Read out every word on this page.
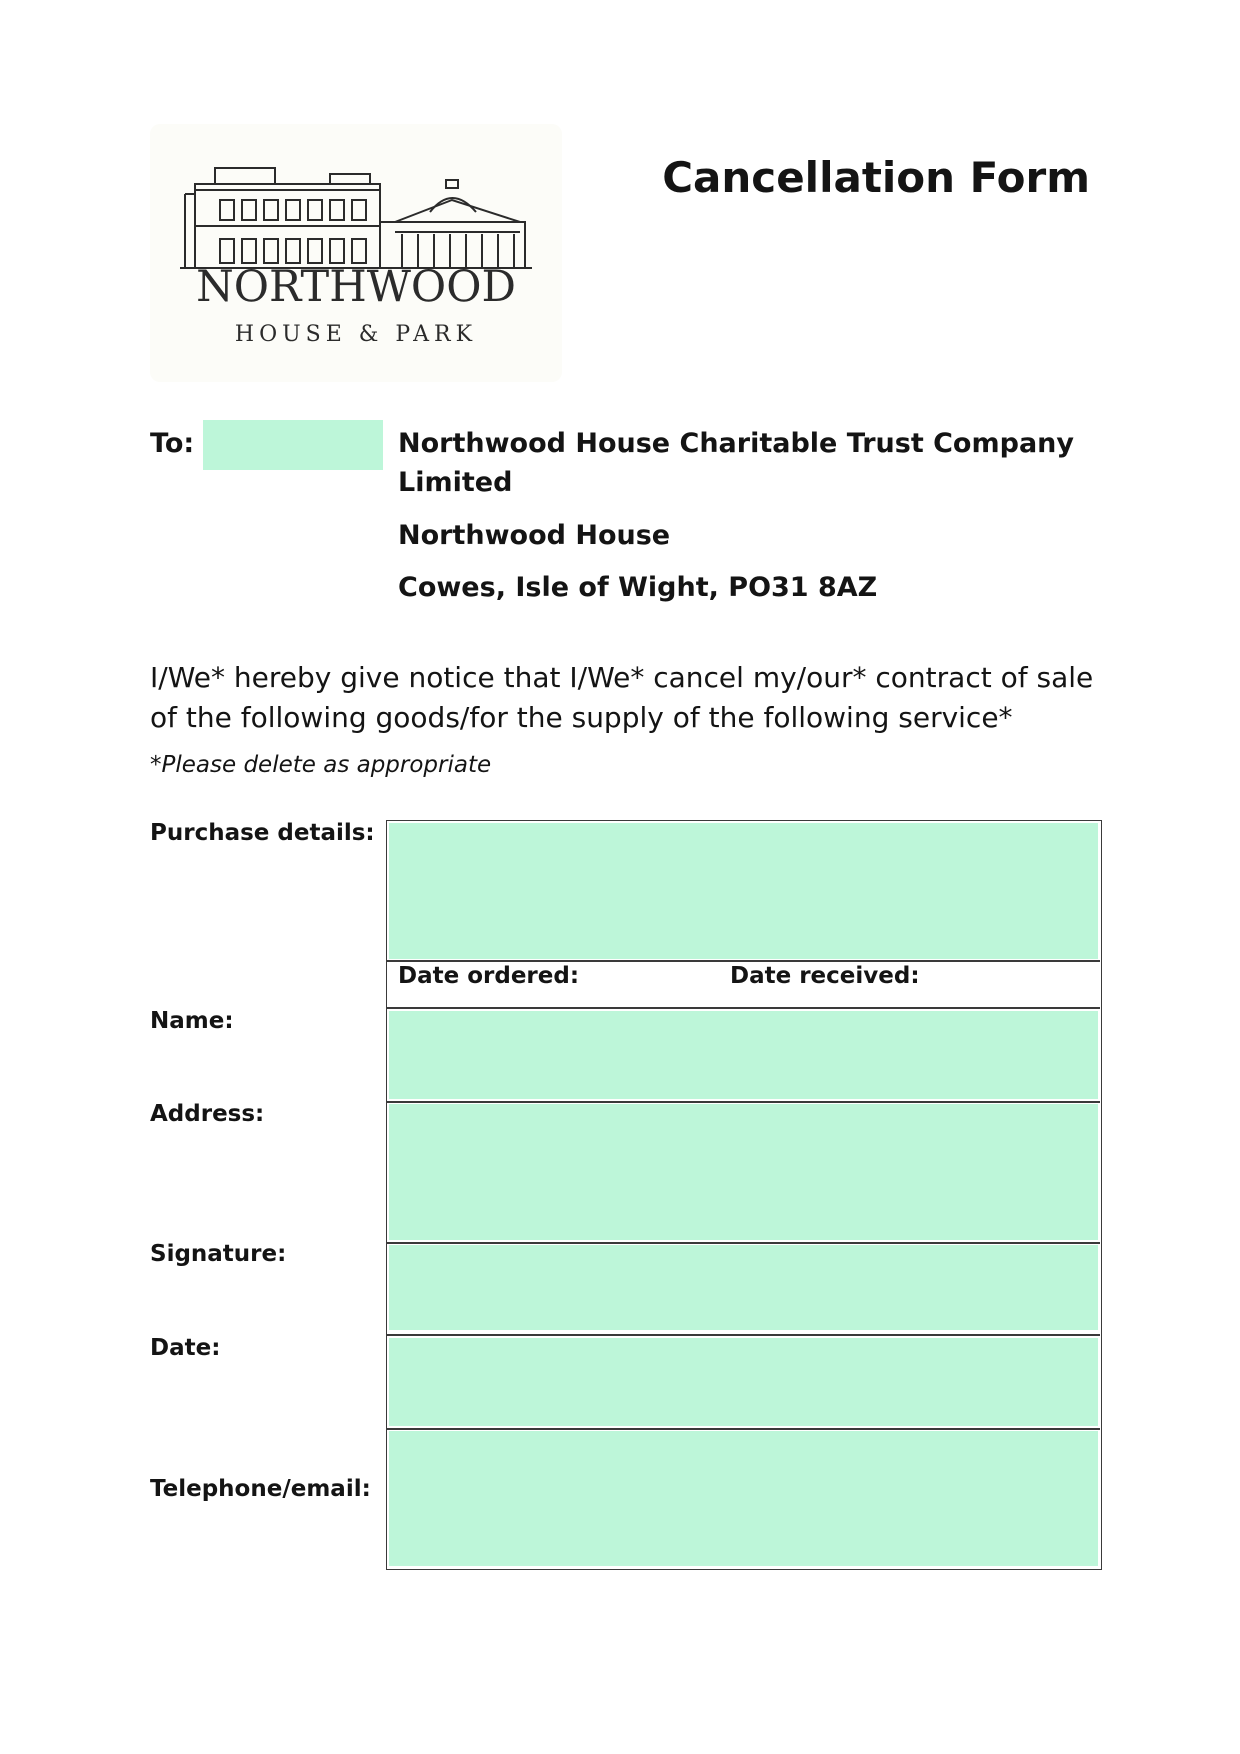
NORTHWOOD
HOUSE & PARK
Cancellation Form
To:	Northwood House Charitable Trust Company Limited
Northwood House
Cowes, Isle of Wight, PO31 8AZ
I/We* hereby give notice that I/We* cancel my/our* contract of sale of the following goods/for the supply of the following service*
*Please delete as appropriate
Purchase details:
Name:
Address:
Signature:
Date:
Telephone/email:
Date ordered:	Date received:
